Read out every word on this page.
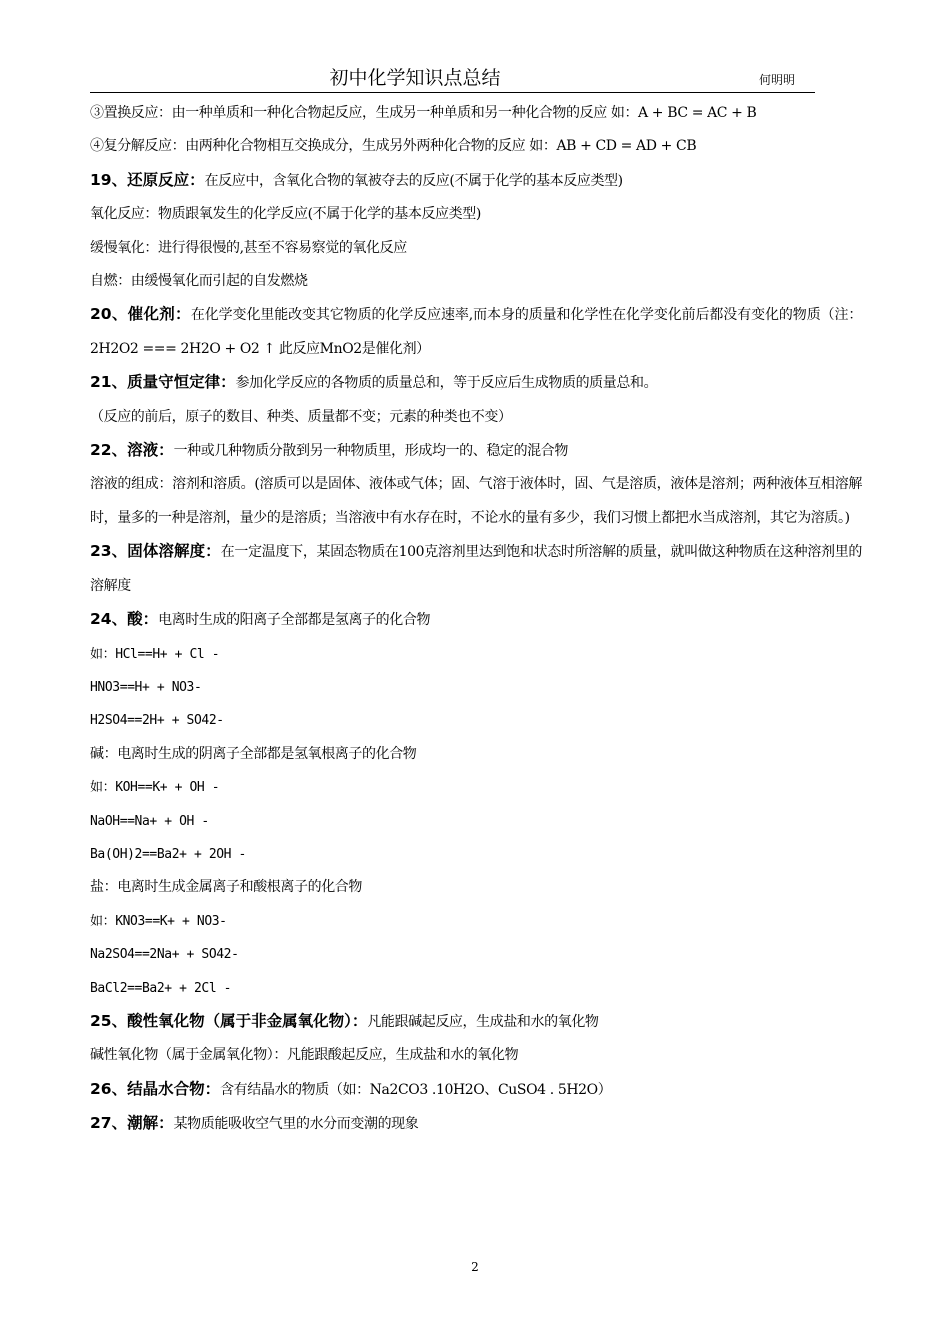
初中化学知识点总结	何明明

③置换反应：由一种单质和一种化合物起反应，生成另一种单质和另一种化合物的反应 如：A + BC = AC + B

④复分解反应：由两种化合物相互交换成分，生成另外两种化合物的反应 如：AB + CD = AD + CB

19、还原反应：在反应中，含氧化合物的氧被夺去的反应(不属于化学的基本反应类型)

氧化反应：物质跟氧发生的化学反应(不属于化学的基本反应类型)

缓慢氧化：进行得很慢的,甚至不容易察觉的氧化反应

自燃：由缓慢氧化而引起的自发燃烧

20、催化剂：在化学变化里能改变其它物质的化学反应速率,而本身的质量和化学性在化学变化前后都没有变化的物质（注：2H2O2 === 2H2O + O2 ↑ 此反应MnO2是催化剂）

21、质量守恒定律：参加化学反应的各物质的质量总和，等于反应后生成物质的质量总和。

（反应的前后，原子的数目、种类、质量都不变；元素的种类也不变）

22、溶液：一种或几种物质分散到另一种物质里，形成均一的、稳定的混合物

溶液的组成：溶剂和溶质。(溶质可以是固体、液体或气体；固、气溶于液体时，固、气是溶质，液体是溶剂；两种液体互相溶解时，量多的一种是溶剂，量少的是溶质；当溶液中有水存在时，不论水的量有多少，我们习惯上都把水当成溶剂，其它为溶质。)

23、固体溶解度：在一定温度下，某固态物质在100克溶剂里达到饱和状态时所溶解的质量，就叫做这种物质在这种溶剂里的溶解度

24、酸：电离时生成的阳离子全部都是氢离子的化合物

如：HCl==H+ + Cl -

HNO3==H+ + NO3-

H2SO4==2H+ + SO42-

碱：电离时生成的阴离子全部都是氢氧根离子的化合物

如：KOH==K+ + OH -

NaOH==Na+ + OH -

Ba(OH)2==Ba2+ + 2OH -

盐：电离时生成金属离子和酸根离子的化合物

如：KNO3==K+ + NO3-

Na2SO4==2Na+ + SO42-

BaCl2==Ba2+ + 2Cl -

25、酸性氧化物（属于非金属氧化物）：凡能跟碱起反应，生成盐和水的氧化物

碱性氧化物（属于金属氧化物）：凡能跟酸起反应，生成盐和水的氧化物

26、结晶水合物：含有结晶水的物质（如：Na2CO3 .10H2O、CuSO4 . 5H2O）

27、潮解：某物质能吸收空气里的水分而变潮的现象

2
